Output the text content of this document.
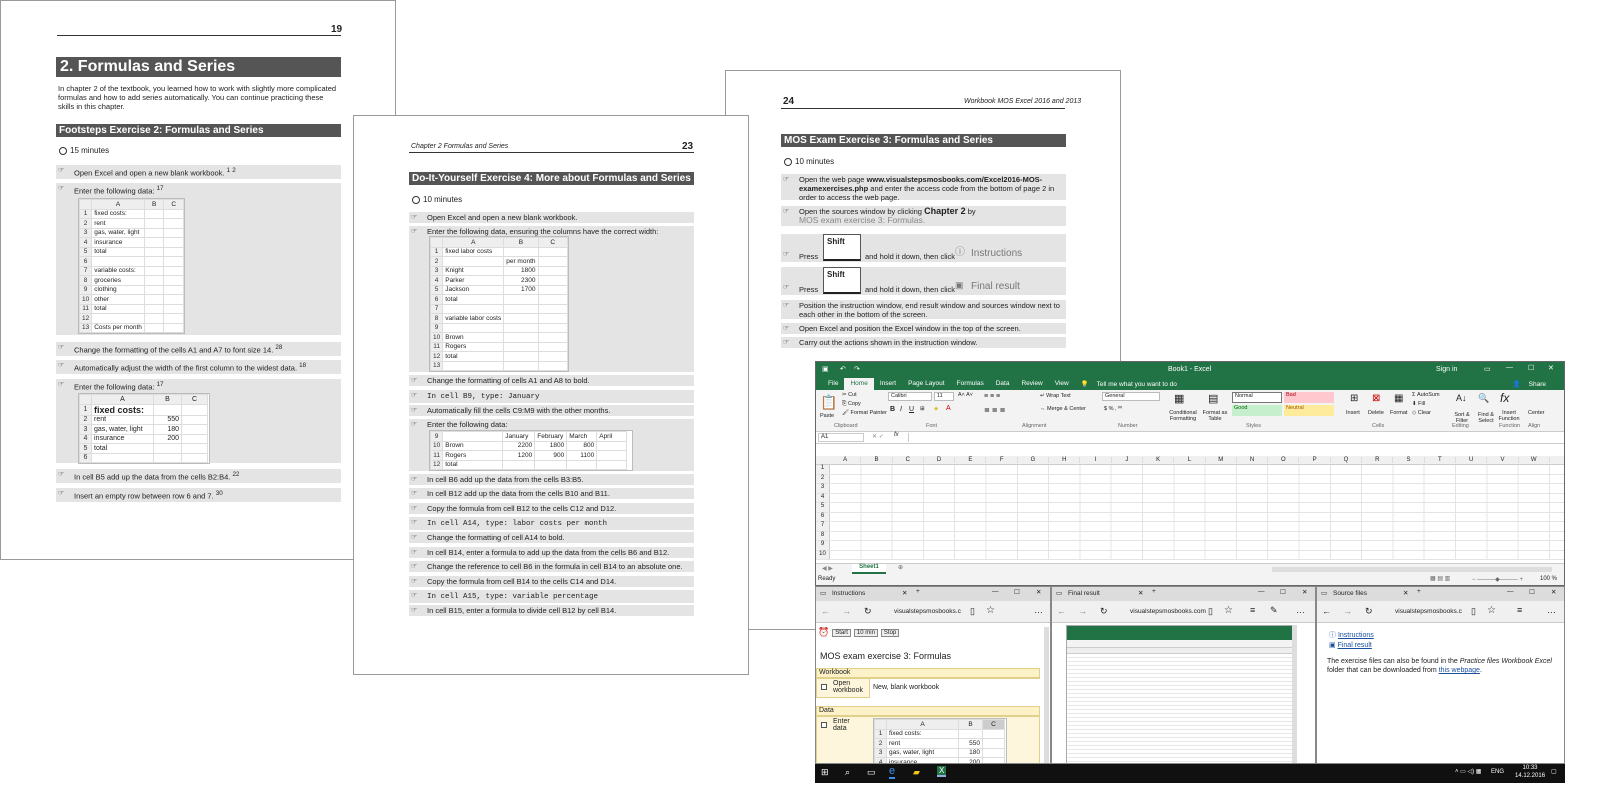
19
2. Formulas and Series
In chapter 2 of the textbook, you learned how to work with slightly more complicated formulas and how to add series automatically. You can continue practicing these skills in this chapter.
Footsteps Exercise 2: Formulas and Series
15 minutes
☞ Open Excel and open a new blank workbook. $^1$ $^2$
☞ Enter the following data: $^{17}$
	A	B	C
1	fixed costs:		
2	rent		
3	gas, water, light		
4	insurance		
5	total		
6			
7	variable costs:		
8	groceries		
9	clothing		
10	other		
11	total		
12			
13	Costs per month		
☞ Change the formatting of the cells A1 and A7 to font size 14. $^{28}$
☞ Automatically adjust the width of the first column to the widest data. $^{18}$
☞ Enter the following data: $^{17}$
	A	B	C
1	fixed costs:		
2	rent	550	
3	gas, water, light	180	
4	insurance	200	
5	total		
6			
☞ In cell B5 add up the data from the cells B2:B4. $^{22}$
☞ Insert an empty row between row 6 and 7. $^{30}$
24	Workbook MOS Excel 2016 and 2013
MOS Exam Exercise 3: Formulas and Series
10 minutes
☞ Open the web page www.visualstepsmosbooks.com/Excel2016-MOS-examexercises.php and enter the access code from the bottom of page 2 in order to access the web page.
☞ Open the sources window by clicking Chapter 2 by
MOS exam exercise 3: Formulas.
☞ Press
Shift
and hold it down, then click ⓘ Instructions
☞ Press
Shift
and hold it down, then click ▣ Final result
☞ Position the instruction window, end result window and sources window next to each other in the bottom of the screen.
☞ Open Excel and position the Excel window in the top of the screen.
☞ Carry out the actions shown in the instruction window.
Chapter 2 Formulas and Series	23
Do-It-Yourself Exercise 4: More about Formulas and Series
10 minutes
☞ Open Excel and open a new blank workbook.
☞ Enter the following data, ensuring the columns have the correct width:
	A	B	C
1	fixed labor costs		
2		per month	
3	Knight	1800	
4	Parker	2300	
5	Jackson	1700	
6	total		
7			
8	variable labor costs		
9			
10	Brown		
11	Rogers		
12	total		
13			
☞ Change the formatting of cells A1 and A8 to bold.
☞ In cell B9, type: January
☞ Automatically fill the cells C9:M9 with the other months.
☞ Enter the following data:
9		January	February	March	April
10	Brown	2200	1800	800	
11	Rogers	1200	900	1100	
12	total				
☞ In cell B6 add up the data from the cells B3:B5.
☞ In cell B12 add up the data from the cells B10 and B11.
☞ Copy the formula from cell B12 to the cells C12 and D12.
☞ In cell A14, type: labor costs per month
☞ Change the formatting of cell A14 to bold.
☞ In cell B14, enter a formula to add up the data from the cells B6 and B12.
☞ Change the reference to cell B6 in the formula in cell B14 to an absolute one.
☞ Copy the formula from cell B14 to the cells C14 and D14.
☞ In cell A15, type: variable percentage
☞ In cell B15, enter a formula to divide cell B12 by cell B14.
▣ ↶ ↷	Book1 - Excel	Sign in	▭ — ☐ ✕
File	Home	Insert	Page Layout	Formulas	Data	Review	View	💡 Tell me what you want to do	👤 Share
📋
Paste
✂ Cut
⎘ Copy
🖌 Format Painter
Clipboard
Calibri	11	A˄ A˅
B I U ⊞ ◈ A
Font
≡ ≡ ≡
≣ ≣ ≣
↵ Wrap Text
⇔ Merge & Center
Alignment
General
$ % ‚ ⁰⁰
Number
▦
Conditional Formatting
▤
Format as Table
Normal	Bad
Good	Neutral
Styles
Insert Delete Format
⊞ ⊠ ▦
Cells
Σ AutoSum
⬇ Fill
◇ Clear	Sort & Filter
Find & Select
A↓ 🔍
Editing
fx
Insert Function
Function
Center
Align
A1	✕ ✓ fx
A	B	C	D	E	F	G	H	I	J	K	L	M	N	O	P	Q	R	S	T	U	V	W
1
2
3
4
5
6
7
8
9
10
◀ ▶	Sheet1	⊕
Ready	▦ ▤ ▥	− ———◆——— +	100 %
▭ Instructions	✕ +	— ☐ ✕
← → ↻	visualstepsmosbooks.c ▯ ☆	…
⏰	Start	10 min	Stop
MOS exam exercise 3: Formulas
Workbook
Open workbook	New, blank workbook
Data
Enter data
	A	B	C
1	fixed costs:		
2	rent	550	
3	gas, water, light	180	
4	insurance	200	
▭ Final result	✕ +	— ☐ ✕
← → ↻	visualstepsmosbooks.com ▯ ☆ ≡ ✎ …
▭ Source files	✕ +	— ☐ ✕
← → ↻	visualstepsmosbooks.c ▯ ☆ ≡	…
ⓘ Instructions
▣ Final result
The exercise files can also be found in the Practice files Workbook Excel folder that can be downloaded from this webpage.
⊞ ⌕ ▭ e ▰ X	˄ ▭ ◁) ▦ ENG
10:33
14.12.2016
▢
